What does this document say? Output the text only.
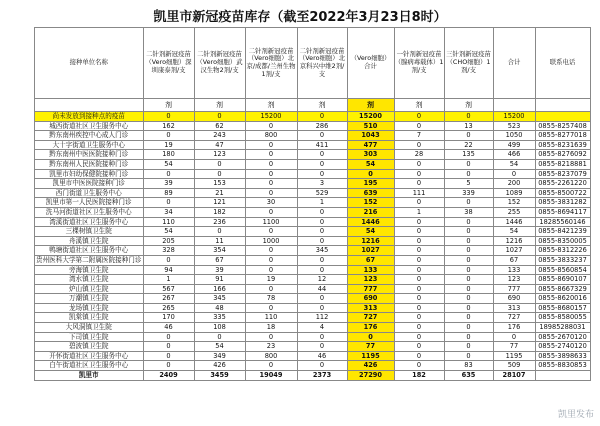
凯里市新冠疫苗库存（截至2022年3月23日8时）
接种单位名称	二针剂新冠疫苗（Vero细胞）深圳康泰剂/支	二针剂新冠疫苗（Vero细胞）武汉生物2剂/支	二针剂新冠疫苗（Vero细胞）北京/成都/兰州生物1剂/支	二针剂新冠疫苗（Vero细胞）北京科兴中维2剂/支	（Vero细胞）合计	一针剂新冠疫苗（腺病毒载体）1剂/支	三针剂新冠疫苗（CHO细胞）1剂/支	合计	联系电话
	剂	剂	剂	剂	剂	剂	剂		
尚未发放到接种点的疫苗	0	0	15200	0	15200	0	0	15200	
城西街道社区卫生服务中心	162	62	0	286	510	0	13	523	0855-8257408
黔东南州疾控中心成人门诊	0	243	800	0	1043	7	0	1050	0855-8277018
大十字街道卫生服务中心	19	47	0	411	477	0	22	499	0855-8231639
黔东南州中医医院接种门诊	180	123	0	0	303	28	135	466	0855-8276092
黔东南州人民医院接种门诊	54	0	0	0	54	0	0	54	0855-8218881
凯里市妇幼保健院接种门诊	0	0	0	0	0	0	0	0	0855-8237079
凯里市中医医院接种门诊	39	153	0	3	195	0	5	200	0855-2261220
西门街道卫生服务中心	89	21	0	529	639	111	339	1089	0855-8500722
凯里市第一人民医院接种门诊	0	121	30	1	152	0	0	152	0855-3831282
洗马河街道社区卫生服务中心	34	182	0	0	216	1	38	255	0855-8694117
湾溪街道社区卫生服务中心	110	236	1100	0	1446	0	0	1446	18285560146
三棵树镇卫生院	54	0	0	0	54	0	0	54	0855-8421239
舟溪镇卫生院	205	11	1000	0	1216	0	0	1216	0855-8350005
鸭塘街道社区卫生服务中心	328	354	0	345	1027	0	0	1027	0855-8312226
贵州医科大学第二附属医院接种门诊	0	67	0	0	67	0	0	67	0855-3833237
旁海镇卫生院	94	39	0	0	133	0	0	133	0855-8560854
湾水镇卫生院	1	91	19	12	123	0	0	123	0855-8690107
炉山镇卫生院	567	166	0	44	777	0	0	777	0855-8667329
万潮镇卫生院	267	345	78	0	690	0	0	690	0855-8620016
龙场镇卫生院	265	48	0	0	313	0	0	313	0855-8680157
凯棠镇卫生院	170	335	110	112	727	0	0	727	0855-8580055
大风洞镇卫生院	46	108	18	4	176	0	0	176	18985288031
下司镇卫生院	0	0	0	0	0	0	0	0	0855-2670120
碧波镇卫生院	0	54	23	0	77	0	0	77	0855-2740120
开怀街道社区卫生服务中心	0	349	800	46	1195	0	0	1195	0855-3898633
白午街道社区卫生服务中心	0	426	0	0	426	0	83	509	0855-8830853
凯里市	2409	3459	19049	2373	27290	182	635	28107	
凯里发布
